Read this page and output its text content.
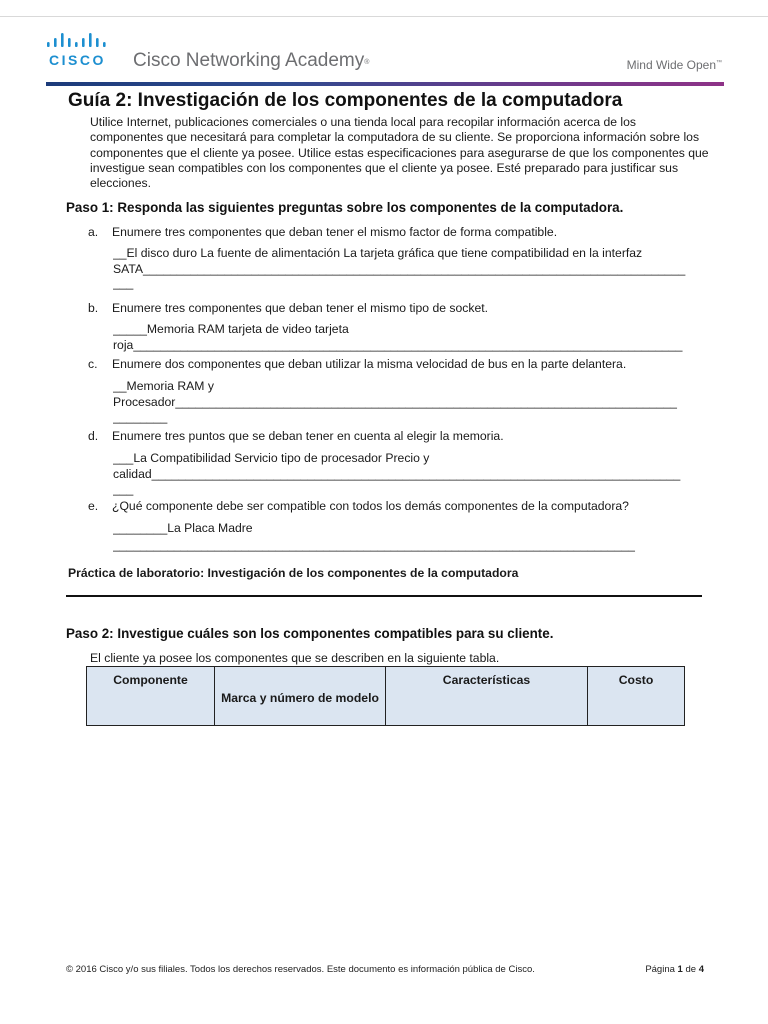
CISCO Cisco Networking Academy®	Mind Wide Open™
Guía 2: Investigación de los componentes de la computadora
Utilice Internet, publicaciones comerciales o una tienda local para recopilar información acerca de los componentes que necesitará para completar la computadora de su cliente. Se proporciona información sobre los componentes que el cliente ya posee. Utilice estas especificaciones para asegurarse de que los componentes que investigue sean compatibles con los componentes que el cliente ya posee. Esté preparado para justificar sus elecciones.
Paso 1: Responda las siguientes preguntas sobre los componentes de la computadora.
a. Enumere tres componentes que deban tener el mismo factor de forma compatible.
__El disco duro La fuente de alimentación La tarjeta gráfica que tiene compatibilidad en la interfaz
SATA________________________________________________________________________________
___
b. Enumere tres componentes que deban tener el mismo tipo de socket.
_____Memoria RAM tarjeta de video tarjeta
roja_________________________________________________________________________________
c. Enumere dos componentes que deban utilizar la misma velocidad de bus en la parte delantera.
__Memoria RAM y
Procesador__________________________________________________________________________
________
d. Enumere tres puntos que se deban tener en cuenta al elegir la memoria.
___La Compatibilidad Servicio tipo de procesador Precio y
calidad______________________________________________________________________________
___
e. ¿Qué componente debe ser compatible con todos los demás componentes de la computadora?
________La Placa Madre
_____________________________________________________________________________
Práctica de laboratorio: Investigación de los componentes de la computadora
Paso 2: Investigue cuáles son los componentes compatibles para su cliente.
El cliente ya posee los componentes que se describen en la siguiente tabla.
Componente	Marca y número de modelo	Características	Costo
© 2016 Cisco y/o sus filiales. Todos los derechos reservados. Este documento es información pública de Cisco.	Página 1 de 4
